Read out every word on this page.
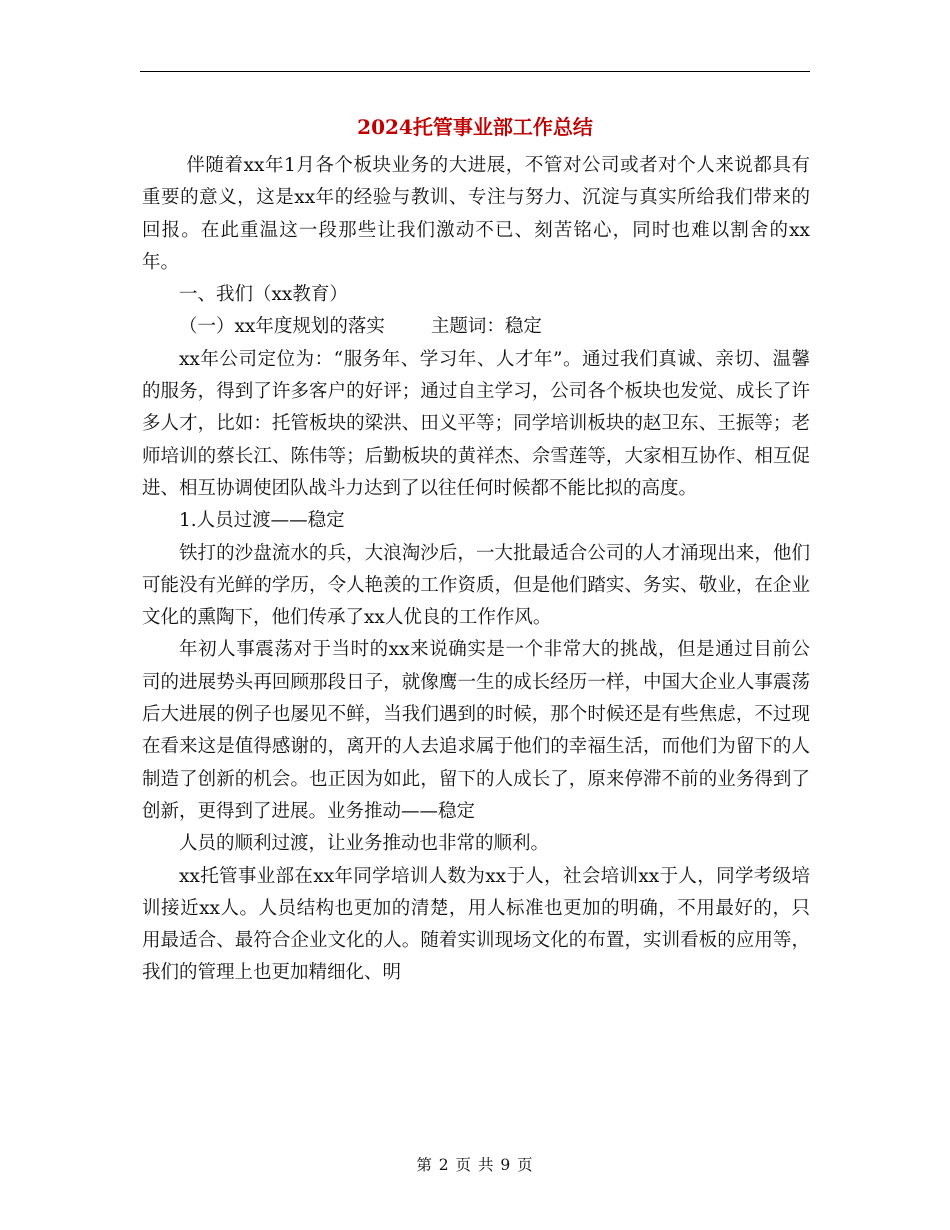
2024托管事业部工作总结

伴随着xx年1月各个板块业务的大进展，不管对公司或者对个人来说都具有重要的意义，这是xx年的经验与教训、专注与努力、沉淀与真实所给我们带来的回报。在此重温这一段那些让我们激动不已、刻苦铭心，同时也难以割舍的xx年。

一、我们（xx教育）

（一）xx年度规划的落实 主题词：稳定

xx年公司定位为：“服务年、学习年、人才年”。通过我们真诚、亲切、温馨的服务，得到了许多客户的好评；通过自主学习，公司各个板块也发觉、成长了许多人才，比如：托管板块的梁洪、田义平等；同学培训板块的赵卫东、王振等；老师培训的蔡长江、陈伟等；后勤板块的黄祥杰、佘雪莲等，大家相互协作、相互促进、相互协调使团队战斗力达到了以往任何时候都不能比拟的高度。

1.人员过渡——稳定

铁打的沙盘流水的兵，大浪淘沙后，一大批最适合公司的人才涌现出来，他们可能没有光鲜的学历，令人艳羡的工作资质，但是他们踏实、务实、敬业，在企业文化的熏陶下，他们传承了xx人优良的工作作风。

年初人事震荡对于当时的xx来说确实是一个非常大的挑战，但是通过目前公司的进展势头再回顾那段日子，就像鹰一生的成长经历一样，中国大企业人事震荡后大进展的例子也屡见不鲜，当我们遇到的时候，那个时候还是有些焦虑，不过现在看来这是值得感谢的，离开的人去追求属于他们的幸福生活，而他们为留下的人制造了创新的机会。也正因为如此，留下的人成长了，原来停滞不前的业务得到了创新，更得到了进展。业务推动——稳定

人员的顺利过渡，让业务推动也非常的顺利。

xx托管事业部在xx年同学培训人数为xx于人，社会培训xx于人，同学考级培训接近xx人。人员结构也更加的清楚，用人标准也更加的明确，不用最好的，只用最适合、最符合企业文化的人。随着实训现场文化的布置，实训看板的应用等，我们的管理上也更加精细化、明

第 2 页 共 9 页
